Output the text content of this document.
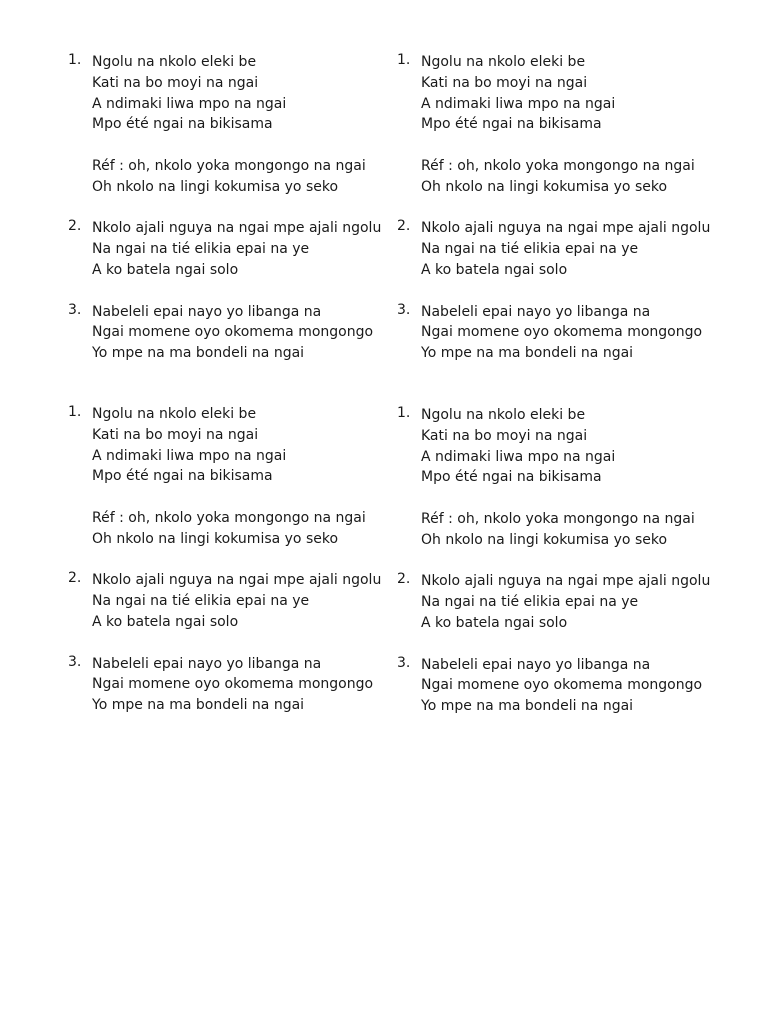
1. Ngolu na nkolo eleki be
Kati na bo moyi na ngai
A ndimaki liwa mpo na ngai
Mpo été ngai na bikisama
Réf : oh, nkolo yoka mongongo na ngai
Oh nkolo na lingi kokumisa yo seko
2. Nkolo ajali nguya na ngai mpe ajali ngolu
Na ngai na tié elikia epai na ye
A ko batela ngai solo
3. Nabeleli epai nayo yo libanga na
Ngai momene oyo okomema mongongo
Yo mpe na ma bondeli na ngai
1. Ngolu na nkolo eleki be
Kati na bo moyi na ngai
A ndimaki liwa mpo na ngai
Mpo été ngai na bikisama
Réf : oh, nkolo yoka mongongo na ngai
Oh nkolo na lingi kokumisa yo seko
2. Nkolo ajali nguya na ngai mpe ajali ngolu
Na ngai na tié elikia epai na ye
A ko batela ngai solo
3. Nabeleli epai nayo yo libanga na
Ngai momene oyo okomema mongongo
Yo mpe na ma bondeli na ngai
1. Ngolu na nkolo eleki be
Kati na bo moyi na ngai
A ndimaki liwa mpo na ngai
Mpo été ngai na bikisama
Réf : oh, nkolo yoka mongongo na ngai
Oh nkolo na lingi kokumisa yo seko
2. Nkolo ajali nguya na ngai mpe ajali ngolu
Na ngai na tié elikia epai na ye
A ko batela ngai solo
3. Nabeleli epai nayo yo libanga na
Ngai momene oyo okomema mongongo
Yo mpe na ma bondeli na ngai
1. Ngolu na nkolo eleki be
Kati na bo moyi na ngai
A ndimaki liwa mpo na ngai
Mpo été ngai na bikisama
Réf : oh, nkolo yoka mongongo na ngai
Oh nkolo na lingi kokumisa yo seko
2. Nkolo ajali nguya na ngai mpe ajali ngolu
Na ngai na tié elikia epai na ye
A ko batela ngai solo
3. Nabeleli epai nayo yo libanga na
Ngai momene oyo okomema mongongo
Yo mpe na ma bondeli na ngai
